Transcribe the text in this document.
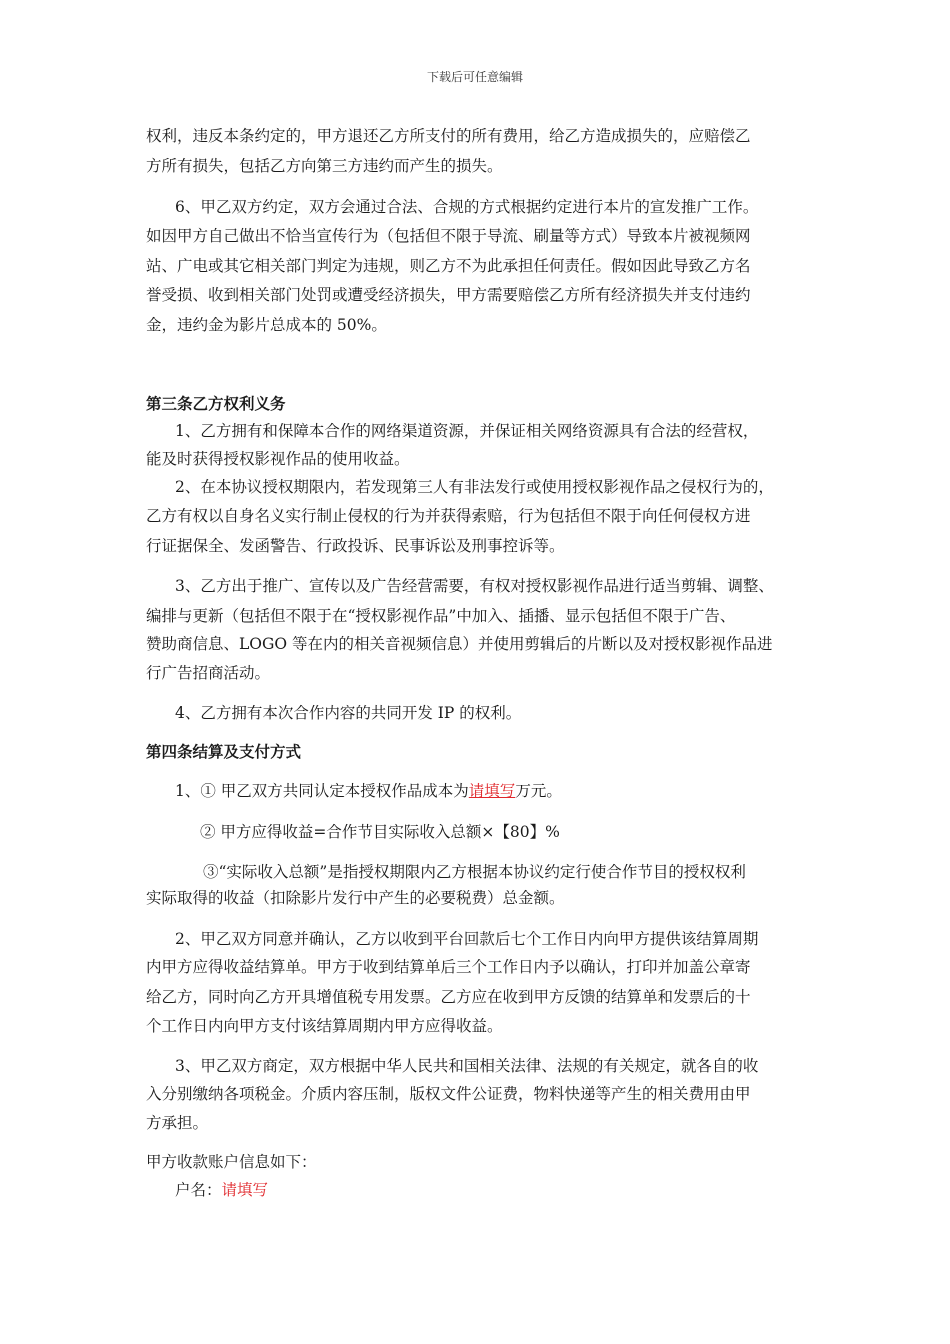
下载后可任意编辑
权利，违反本条约定的，甲方退还乙方所支付的所有费用，给乙方造成损失的，应赔偿乙
方所有损失，包括乙方向第三方违约而产生的损失。
6、甲乙双方约定，双方会通过合法、合规的方式根据约定进行本片的宣发推广工作。
如因甲方自己做出不恰当宣传行为（包括但不限于导流、刷量等方式）导致本片被视频网
站、广电或其它相关部门判定为违规，则乙方不为此承担任何责任。假如因此导致乙方名
誉受损、收到相关部门处罚或遭受经济损失，甲方需要赔偿乙方所有经济损失并支付违约
金，违约金为影片总成本的 50%。
第三条乙方权利义务
1、乙方拥有和保障本合作的网络渠道资源，并保证相关网络资源具有合法的经营权，
能及时获得授权影视作品的使用收益。
2、在本协议授权期限内，若发现第三人有非法发行或使用授权影视作品之侵权行为的，
乙方有权以自身名义实行制止侵权的行为并获得索赔，行为包括但不限于向任何侵权方进
行证据保全、发函警告、行政投诉、民事诉讼及刑事控诉等。
3、乙方出于推广、宣传以及广告经营需要，有权对授权影视作品进行适当剪辑、调整、
编排与更新（包括但不限于在“授权影视作品”中加入、插播、显示包括但不限于广告、
赞助商信息、LOGO 等在内的相关音视频信息）并使用剪辑后的片断以及对授权影视作品进
行广告招商活动。
4、乙方拥有本次合作内容的共同开发 IP 的权利。
第四条结算及支付方式
1、① 甲乙双方共同认定本授权作品成本为请填写万元。
② 甲方应得收益=合作节目实际收入总额×【80】%
③“实际收入总额”是指授权期限内乙方根据本协议约定行使合作节目的授权权利
实际取得的收益（扣除影片发行中产生的必要税费）总金额。
2、甲乙双方同意并确认，乙方以收到平台回款后七个工作日内向甲方提供该结算周期
内甲方应得收益结算单。甲方于收到结算单后三个工作日内予以确认，打印并加盖公章寄
给乙方，同时向乙方开具增值税专用发票。乙方应在收到甲方反馈的结算单和发票后的十
个工作日内向甲方支付该结算周期内甲方应得收益。
3、甲乙双方商定，双方根据中华人民共和国相关法律、法规的有关规定，就各自的收
入分别缴纳各项税金。介质内容压制，版权文件公证费，物料快递等产生的相关费用由甲
方承担。
甲方收款账户信息如下：
户名：请填写
